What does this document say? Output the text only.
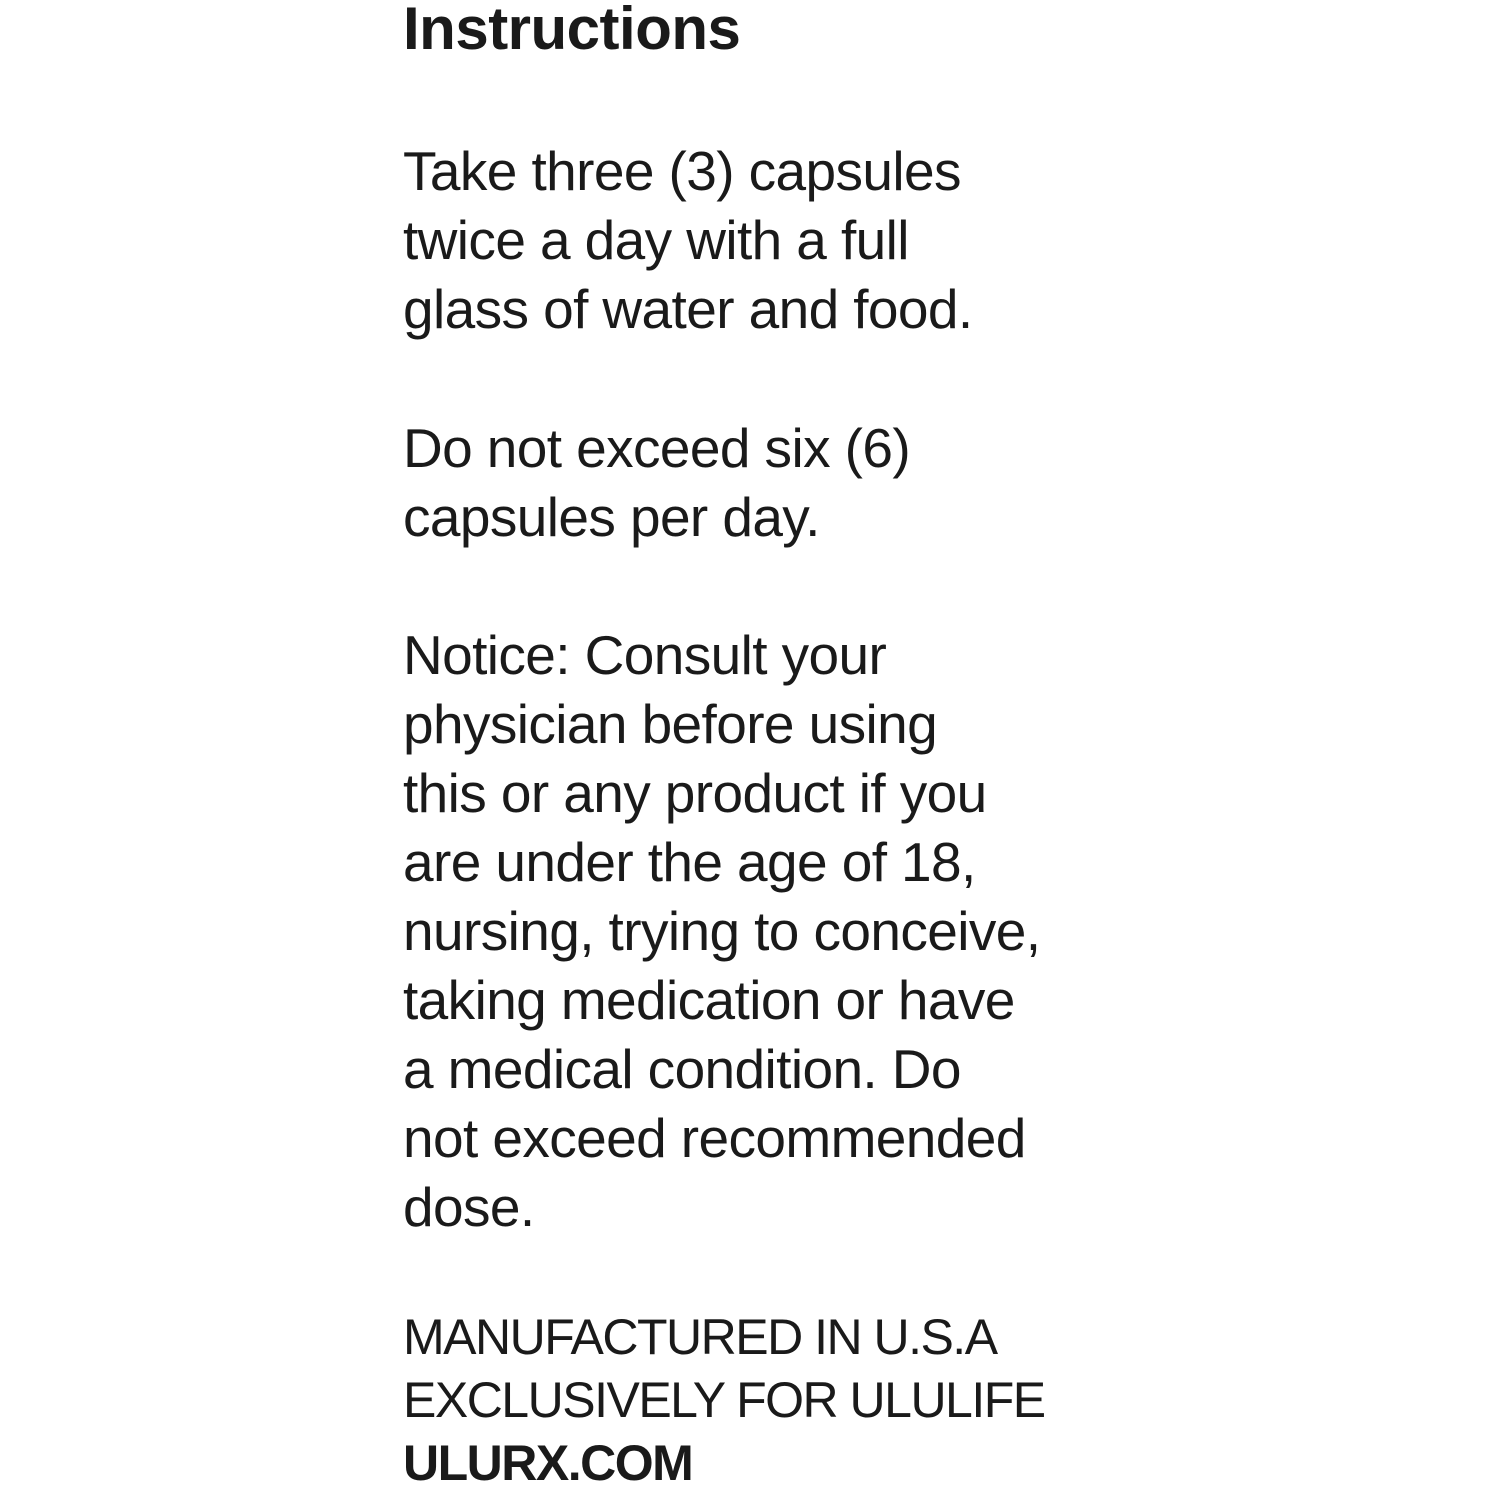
Instructions
Take three (3) capsules
twice a day with a full
glass of water and food.
Do not exceed six (6)
capsules per day.
Notice: Consult your
physician before using
this or any product if you
are under the age of 18,
nursing, trying to conceive,
taking medication or have
a medical condition. Do
not exceed recommended
dose.
MANUFACTURED IN U.S.A
EXCLUSIVELY FOR ULULIFE
ULURX.COM
